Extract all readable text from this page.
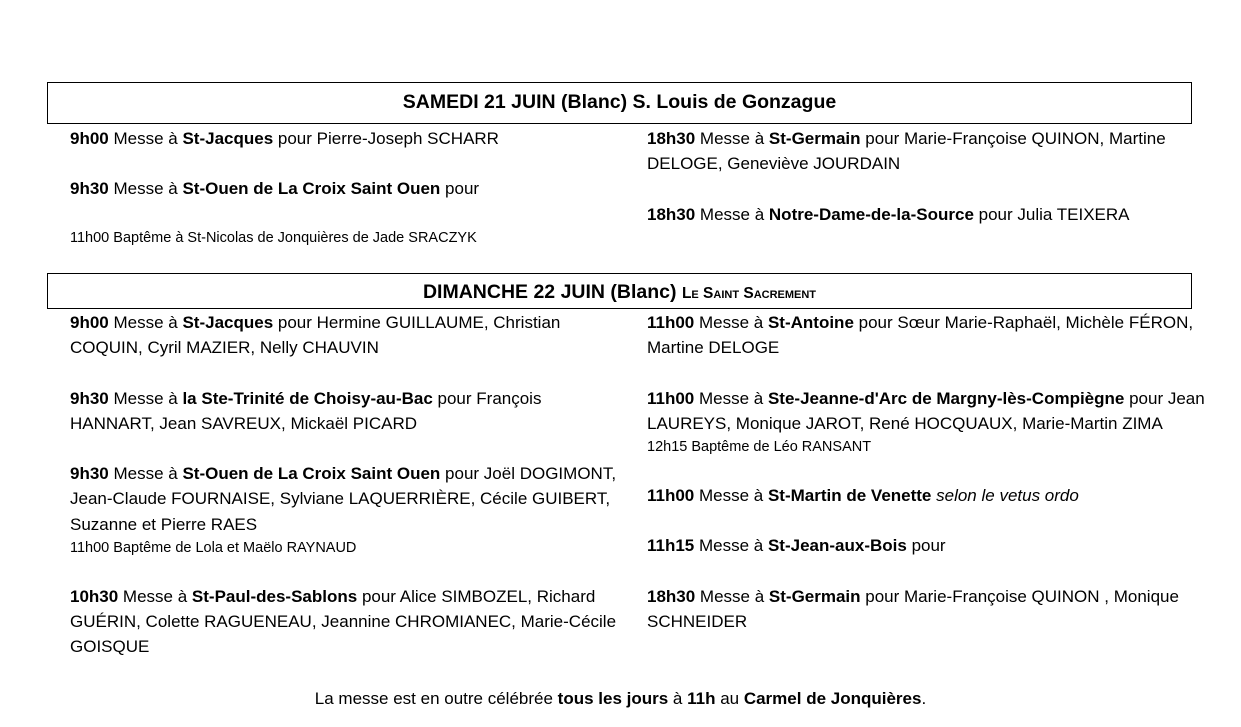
SAMEDI 21 JUIN (Blanc) S. Louis de Gonzague
9h00 Messe à St-Jacques pour Pierre-Joseph SCHARR
9h30 Messe à St-Ouen de La Croix Saint Ouen pour
11h00 Baptême à St-Nicolas de Jonquières de Jade SRACZYK
18h30 Messe à St-Germain pour Marie-Françoise QUINON, Martine DELOGE, Geneviève JOURDAIN
18h30 Messe à Notre-Dame-de-la-Source pour Julia TEIXERA
DIMANCHE 22 JUIN (Blanc) Le Saint Sacrement
9h00 Messe à St-Jacques pour Hermine GUILLAUME, Christian COQUIN, Cyril MAZIER, Nelly CHAUVIN
9h30 Messe à la Ste-Trinité de Choisy-au-Bac pour François HANNART, Jean SAVREUX, Mickaël PICARD
9h30 Messe à St-Ouen de La Croix Saint Ouen pour Joël DOGIMONT, Jean-Claude FOURNAISE, Sylviane LAQUERRIÈRE, Cécile GUIBERT, Suzanne et Pierre RAES
11h00 Baptême de Lola et Maëlo RAYNAUD
10h30 Messe à St-Paul-des-Sablons pour Alice SIMBOZEL, Richard GUÉRIN, Colette RAGUENEAU, Jeannine CHROMIANEC, Marie-Cécile GOISQUE
11h00 Messe à St-Antoine pour Sœur Marie-Raphaël, Michèle FÉRON, Martine DELOGE
11h00 Messe à Ste-Jeanne-d'Arc de Margny-lès-Compiègne pour Jean LAUREYS, Monique JAROT, René HOCQUAUX, Marie-Martin ZIMA
12h15 Baptême de Léo RANSANT
11h00 Messe à St-Martin de Venette selon le vetus ordo
11h15 Messe à St-Jean-aux-Bois pour
18h30 Messe à St-Germain pour Marie-Françoise QUINON , Monique SCHNEIDER
La messe est en outre célébrée tous les jours à 11h au Carmel de Jonquières.
